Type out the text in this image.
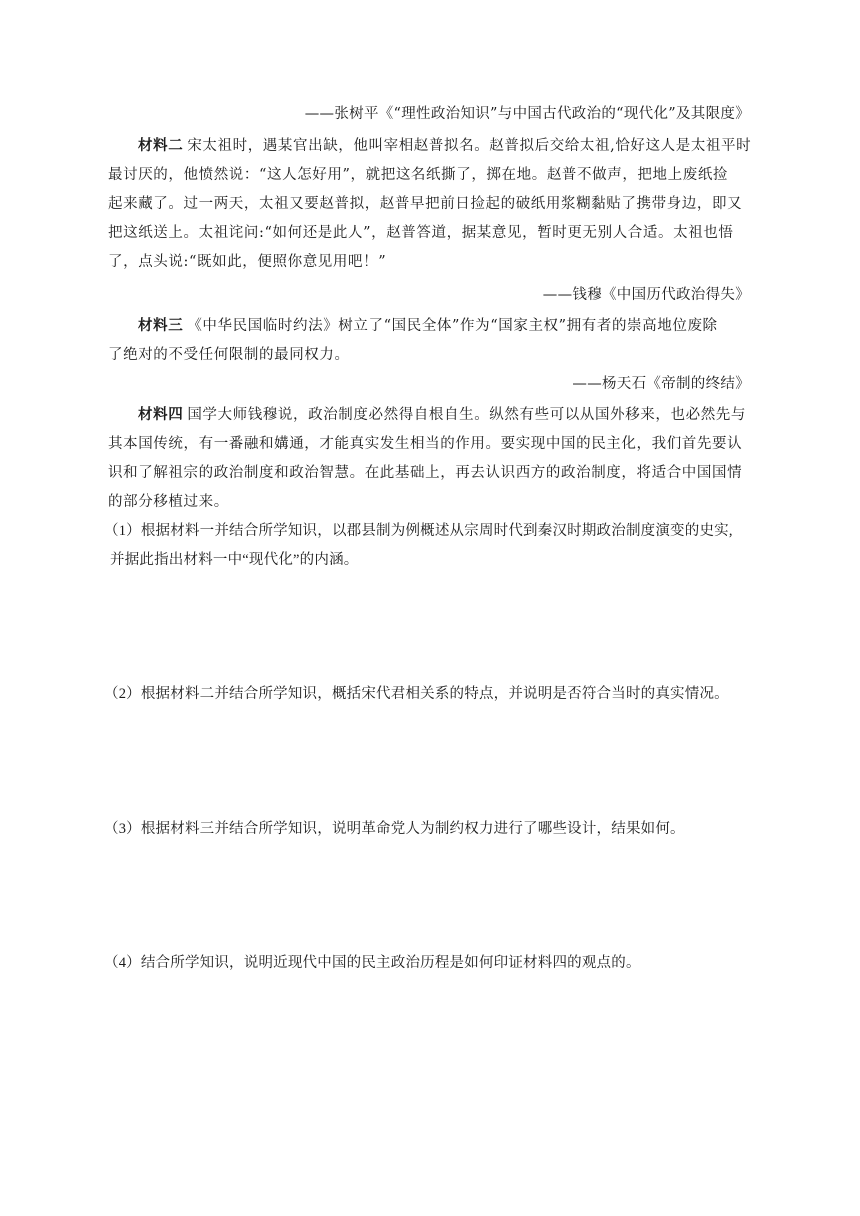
——张树平《“理性政治知识”与中国古代政治的“现代化”及其限度》
材料二 宋太祖时，遇某官出缺，他叫宰相赵普拟名。赵普拟后交给太祖,恰好这人是太祖平时
最讨厌的，他愤然说：“这人怎好用”，就把这名纸撕了，掷在地。赵普不做声，把地上废纸捡
起来藏了。过一两天，太祖又要赵普拟，赵普早把前日捡起的破纸用浆糊黏贴了携带身边，即又
把这纸送上。太祖诧问:“如何还是此人”，赵普答道，据某意见，暂时更无别人合适。太祖也悟
了，点头说:“既如此，便照你意见用吧！”
——钱穆《中国历代政治得失》
材料三 《中华民国临时约法》树立了“国民全体”作为“国家主权”拥有者的崇高地位废除
了绝对的不受任何限制的最同权力。
——杨天石《帝制的终结》
材料四 国学大师钱穆说，政治制度必然得自根自生。纵然有些可以从国外移来，也必然先与
其本国传统，有一番融和媾通，才能真实发生相当的作用。要实现中国的民主化，我们首先要认
识和了解祖宗的政治制度和政治智慧。在此基础上，再去认识西方的政治制度，将适合中国国情
的部分移植过来。
（1）根据材料一并结合所学知识，以郡县制为例概述从宗周时代到秦汉时期政治制度演变的史实,
并据此指出材料一中“现代化”的内涵。
（2）根据材料二并结合所学知识，概括宋代君相关系的特点，并说明是否符合当时的真实情况。
（3）根据材料三并结合所学知识，说明革命党人为制约权力进行了哪些设计，结果如何。
（4）结合所学知识，说明近现代中国的民主政治历程是如何印证材料四的观点的。
